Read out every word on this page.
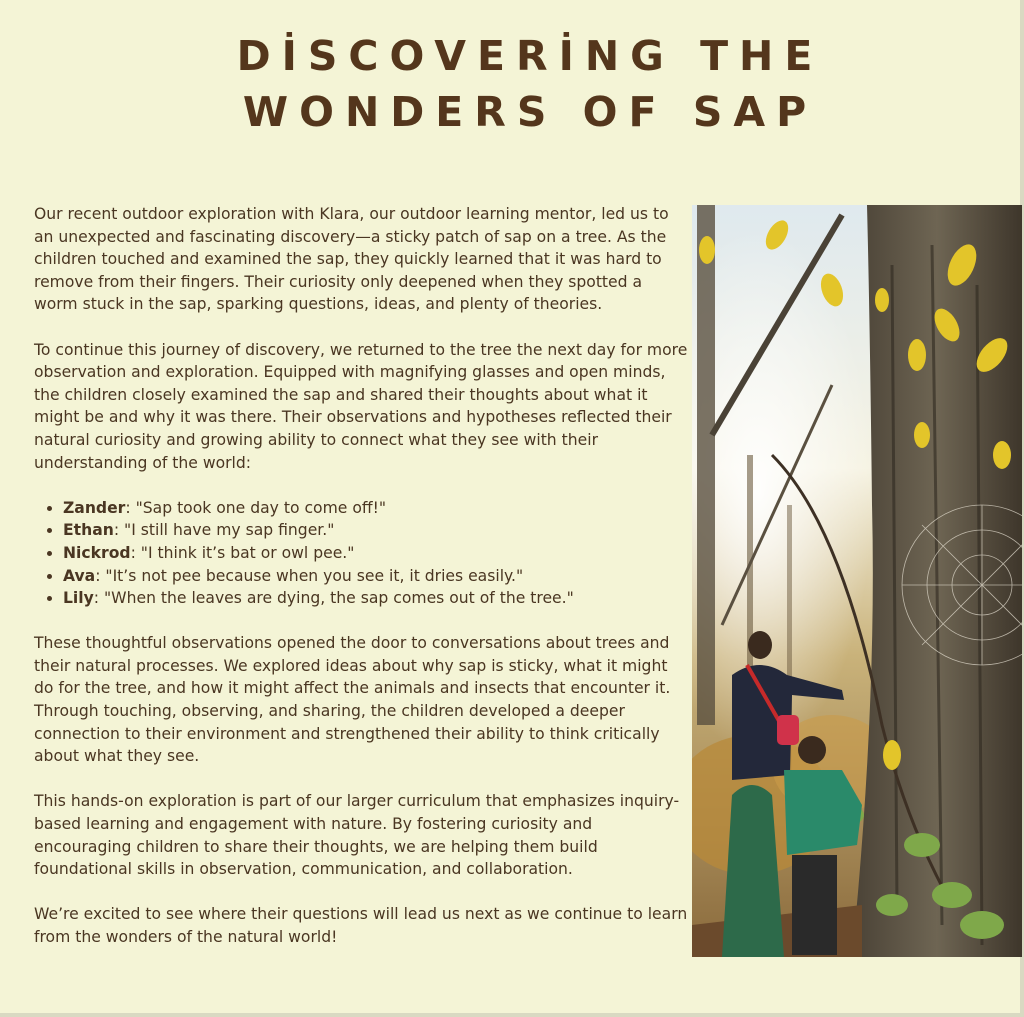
DİSCOVERİNG THE
WONDERS OF SAP

Our recent outdoor exploration with Klara, our outdoor learning mentor, led us to an unexpected and fascinating discovery—a sticky patch of sap on a tree. As the children touched and examined the sap, they quickly learned that it was hard to remove from their fingers. Their curiosity only deepened when they spotted a worm stuck in the sap, sparking questions, ideas, and plenty of theories.

To continue this journey of discovery, we returned to the tree the next day for more observation and exploration. Equipped with magnifying glasses and open minds, the children closely examined the sap and shared their thoughts about what it might be and why it was there. Their observations and hypotheses reflected their natural curiosity and growing ability to connect what they see with their understanding of the world:

• Zander: "Sap took one day to come off!"
• Ethan: "I still have my sap finger."
• Nickrod: "I think it’s bat or owl pee."
• Ava: "It’s not pee because when you see it, it dries easily."
• Lily: "When the leaves are dying, the sap comes out of the tree."

These thoughtful observations opened the door to conversations about trees and their natural processes. We explored ideas about why sap is sticky, what it might do for the tree, and how it might affect the animals and insects that encounter it. Through touching, observing, and sharing, the children developed a deeper connection to their environment and strengthened their ability to think critically about what they see.

This hands-on exploration is part of our larger curriculum that emphasizes inquiry-based learning and engagement with nature. By fostering curiosity and encouraging children to share their thoughts, we are helping them build foundational skills in observation, communication, and collaboration.

We’re excited to see where their questions will lead us next as we continue to learn from the wonders of the natural world!
